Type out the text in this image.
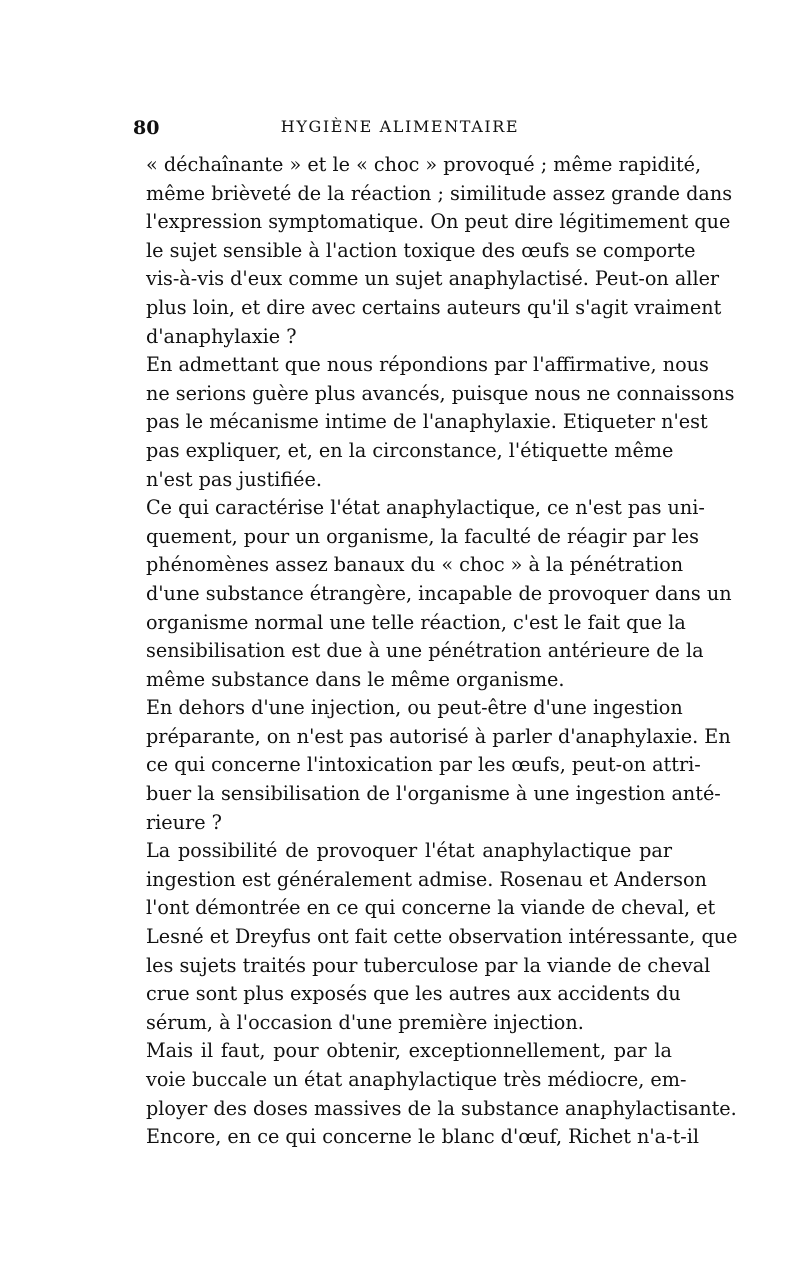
80	HYGIÈNE ALIMENTAIRE
« déchaînante » et le « choc » provoqué ; même rapidité,
même brièveté de la réaction ; similitude assez grande dans
l'expression symptomatique. On peut dire légitimement que
le sujet sensible à l'action toxique des œufs se comporte
vis-à-vis d'eux comme un sujet anaphylactisé. Peut-on aller
plus loin, et dire avec certains auteurs qu'il s'agit vraiment
d'anaphylaxie ?
En admettant que nous répondions par l'affirmative, nous
ne serions guère plus avancés, puisque nous ne connaissons
pas le mécanisme intime de l'anaphylaxie. Etiqueter n'est
pas expliquer, et, en la circonstance, l'étiquette même
n'est pas justifiée.
Ce qui caractérise l'état anaphylactique, ce n'est pas uni-
quement, pour un organisme, la faculté de réagir par les
phénomènes assez banaux du « choc » à la pénétration
d'une substance étrangère, incapable de provoquer dans un
organisme normal une telle réaction, c'est le fait que la
sensibilisation est due à une pénétration antérieure de la
même substance dans le même organisme.
En dehors d'une injection, ou peut-être d'une ingestion
préparante, on n'est pas autorisé à parler d'anaphylaxie. En
ce qui concerne l'intoxication par les œufs, peut-on attri-
buer la sensibilisation de l'organisme à une ingestion anté-
rieure ?
La possibilité de provoquer l'état anaphylactique par
ingestion est généralement admise. Rosenau et Anderson
l'ont démontrée en ce qui concerne la viande de cheval, et
Lesné et Dreyfus ont fait cette observation intéressante, que
les sujets traités pour tuberculose par la viande de cheval
crue sont plus exposés que les autres aux accidents du
sérum, à l'occasion d'une première injection.
Mais il faut, pour obtenir, exceptionnellement, par la
voie buccale un état anaphylactique très médiocre, em-
ployer des doses massives de la substance anaphylactisante.
Encore, en ce qui concerne le blanc d'œuf, Richet n'a-t-il
